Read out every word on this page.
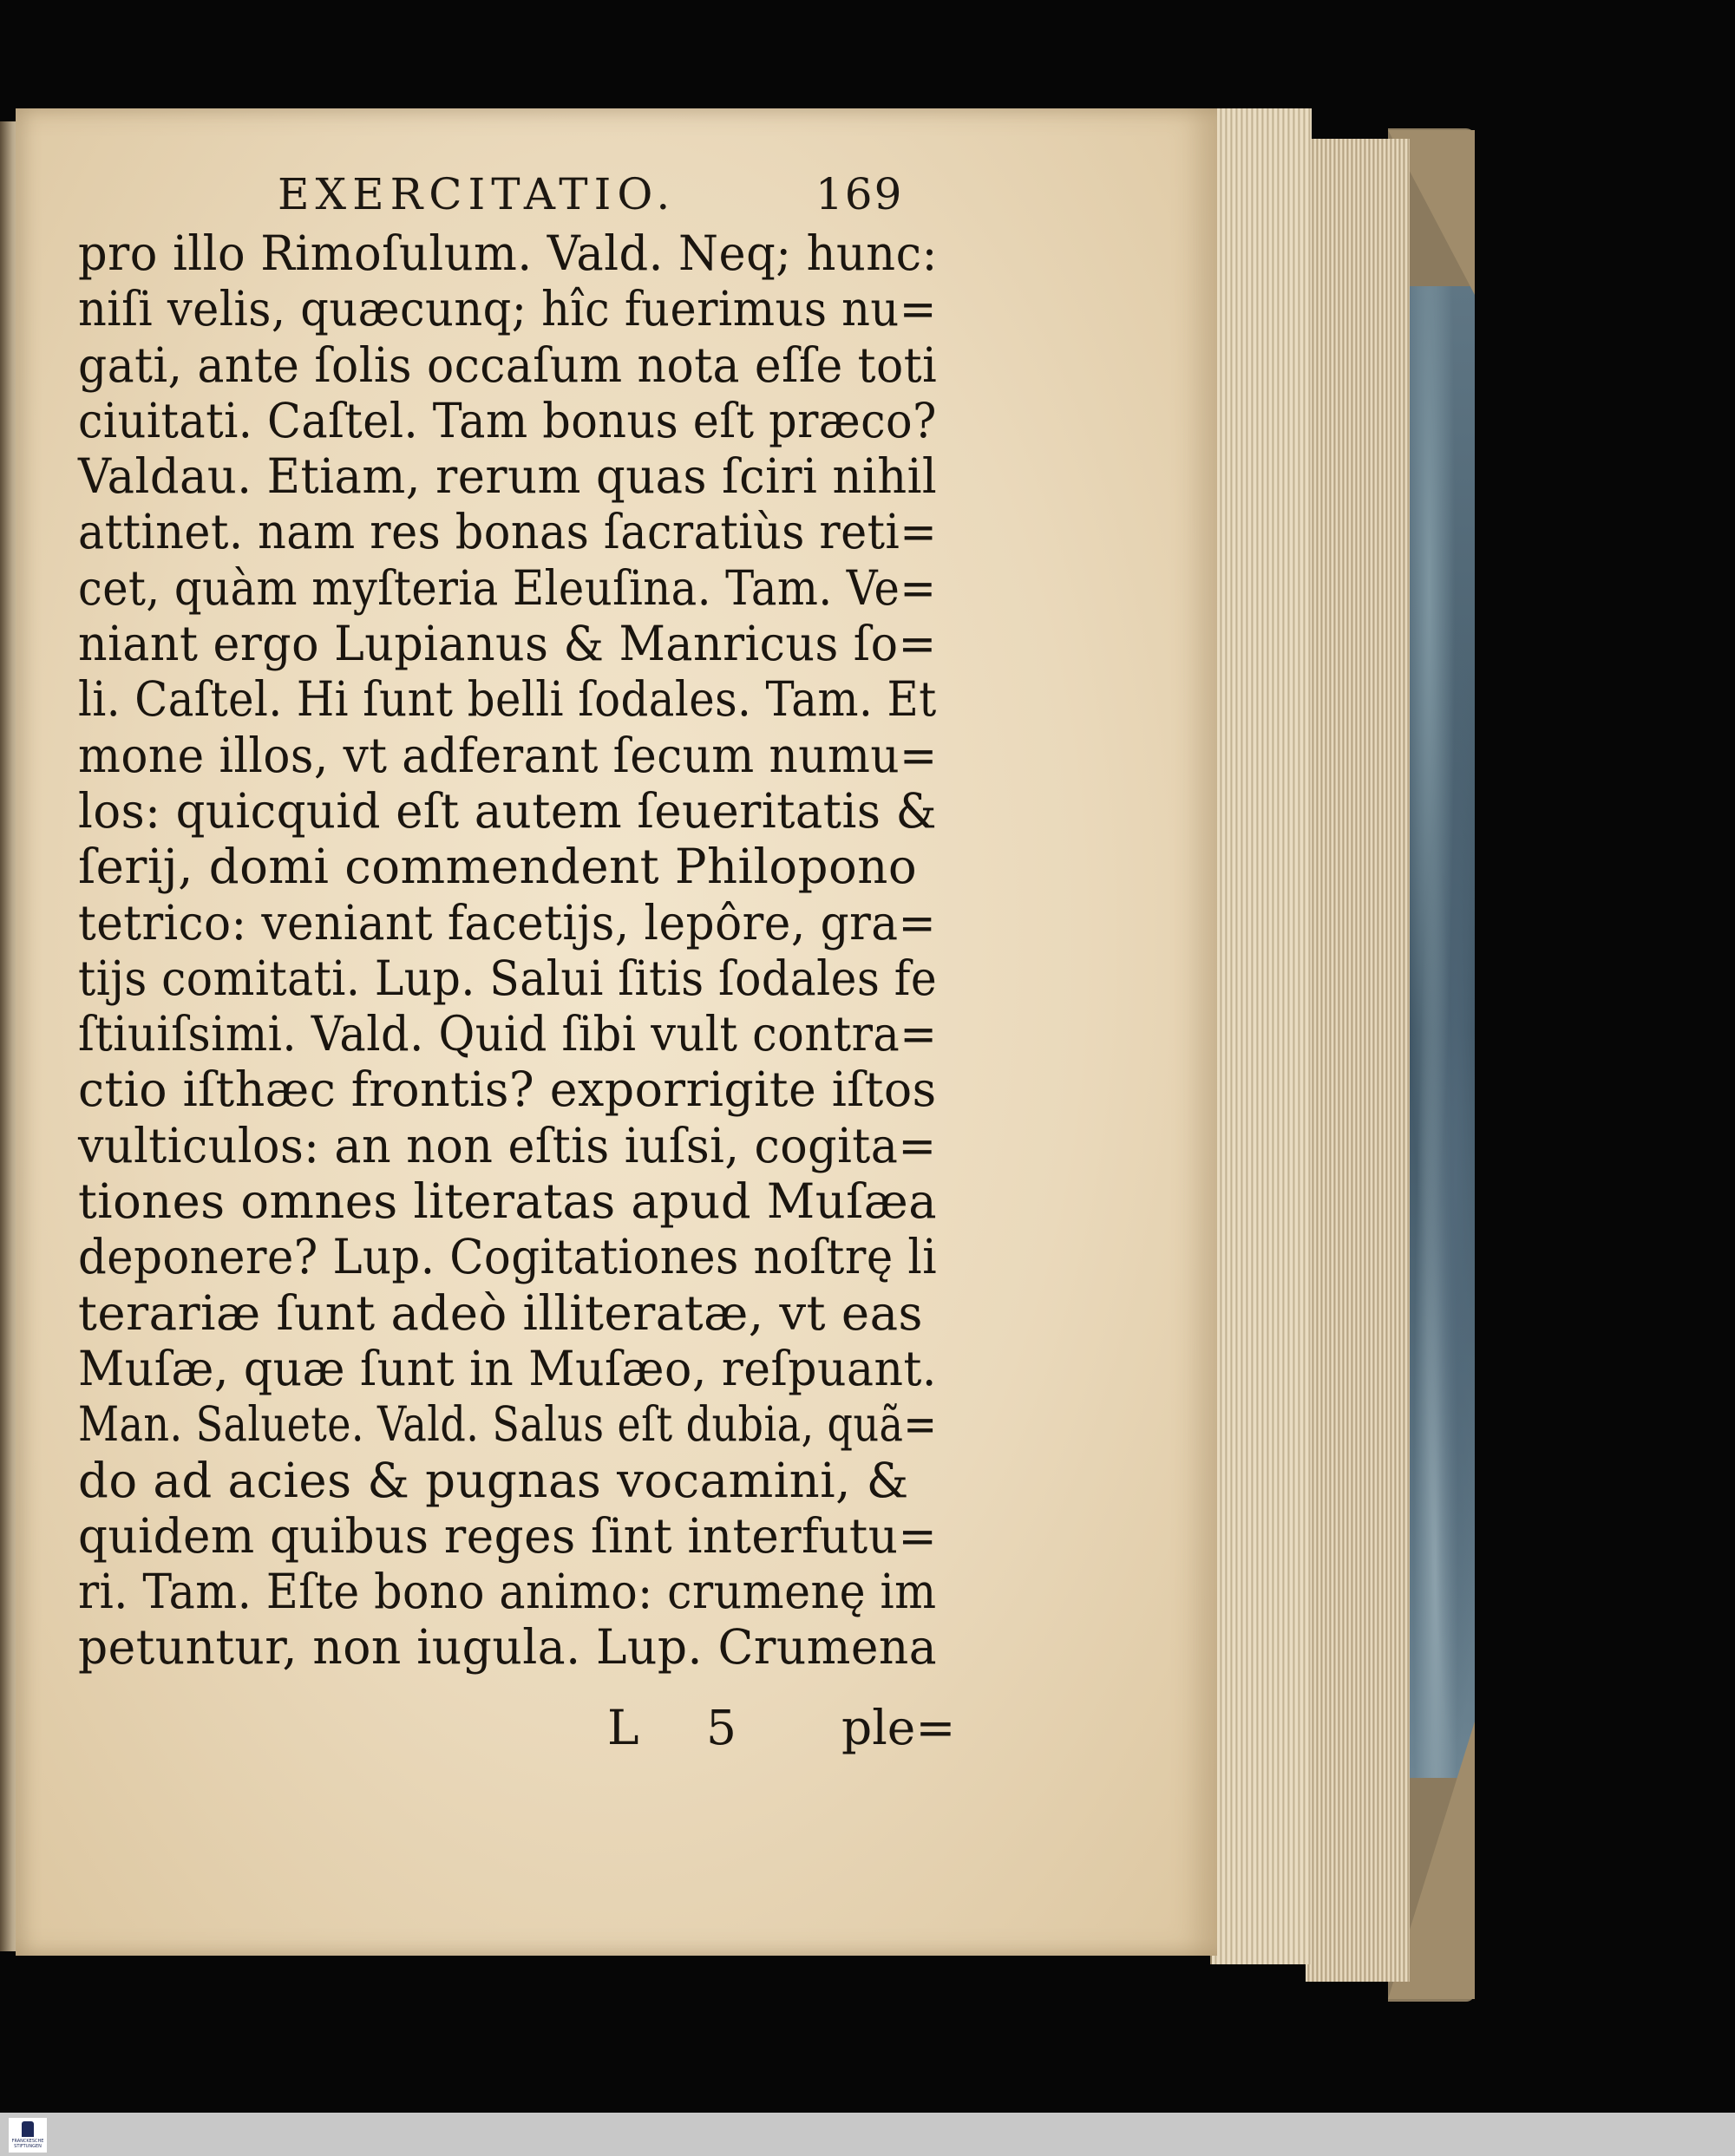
EXERCITATIO.	169
pro illo Rimoſulum. Vald. Neq; hunc:
niſi velis, quæcunq; hîc fuerimus nu=
gati, ante ſolis occaſum nota eſſe toti
ciuitati. Caſtel. Tam bonus eſt præco?
Valdau. Etiam, rerum quas ſciri nihil
attinet. nam res bonas ſacratiùs reti=
cet, quàm myſteria Eleuſina. Tam. Ve=
niant ergo Lupianus & Manricus ſo=
li. Caſtel. Hi ſunt belli ſodales. Tam. Et
mone illos, vt adferant ſecum numu=
los: quicquid eſt autem ſeueritatis &
ſerij, domi commendent Philopono
tetrico: veniant facetijs, lepôre, gra=
tijs comitati. Lup. Salui ſitis ſodales fe
ſtiuiſsimi. Vald. Quid ſibi vult contra=
ctio iſthæc frontis? exporrigite iſtos
vulticulos: an non eſtis iuſsi, cogita=
tiones omnes literatas apud Muſæa
deponere? Lup. Cogitationes noſtrę li
terariæ ſunt adeò illiteratæ, vt eas
Muſæ, quæ ſunt in Muſæo, reſpuant.
Man. Saluete. Vald. Salus eſt dubia, quã=
do ad acies & pugnas vocamini, &
quidem quibus reges ſint interfutu=
ri. Tam. Eſte bono animo: crumenę im
petuntur, non iugula. Lup. Crumena
L 5 ple=
FRANCKESCHE STIFTUNGEN
